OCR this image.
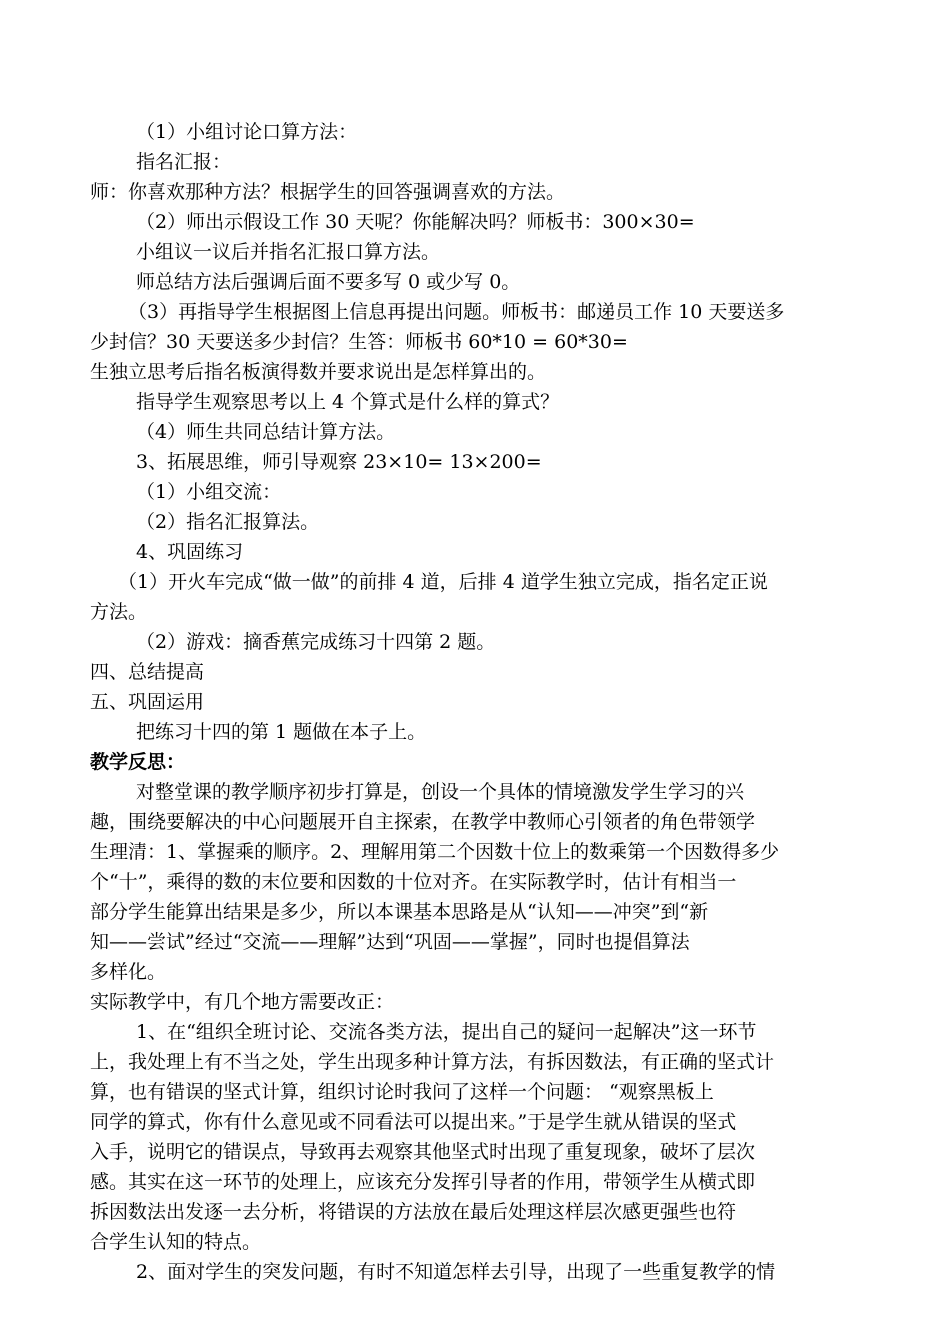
（1）小组讨论口算方法：
指名汇报：
师：你喜欢那种方法？根据学生的回答强调喜欢的方法。
（2）师出示假设工作 30 天呢？你能解决吗？师板书：300×30=
小组议一议后并指名汇报口算方法。
师总结方法后强调后面不要多写 0 或少写 0。
（3）再指导学生根据图上信息再提出问题。师板书：邮递员工作 10 天要送多
少封信？30 天要送多少封信？生答：师板书 60*10 = 60*30=
生独立思考后指名板演得数并要求说出是怎样算出的。
指导学生观察思考以上 4 个算式是什么样的算式？
（4）师生共同总结计算方法。
3、拓展思维，师引导观察 23×10= 13×200=
（1）小组交流：
（2）指名汇报算法。
4、巩固练习
（1）开火车完成“做一做”的前排 4 道，后排 4 道学生独立完成，指名定正说
方法。
（2）游戏：摘香蕉完成练习十四第 2 题。
四、总结提高
五、巩固运用
把练习十四的第 1 题做在本子上。
教学反思：
对整堂课的教学顺序初步打算是，创设一个具体的情境激发学生学习的兴
趣，围绕要解决的中心问题展开自主探索，在教学中教师心引领者的角色带领学
生理清：1、掌握乘的顺序。2、理解用第二个因数十位上的数乘第一个因数得多少
个“十”，乘得的数的末位要和因数的十位对齐。在实际教学时，估计有相当一
部分学生能算出结果是多少，所以本课基本思路是从“认知——冲突”到“新
知——尝试”经过“交流——理解”达到“巩固——掌握”，同时也提倡算法
多样化。
实际教学中，有几个地方需要改正：
1、在“组织全班讨论、交流各类方法，提出自己的疑问一起解决”这一环节
上，我处理上有不当之处，学生出现多种计算方法，有拆因数法，有正确的坚式计
算，也有错误的坚式计算，组织讨论时我问了这样一个问题： “观察黑板上
同学的算式，你有什么意见或不同看法可以提出来。”于是学生就从错误的坚式
入手，说明它的错误点，导致再去观察其他坚式时出现了重复现象，破坏了层次
感。其实在这一环节的处理上，应该充分发挥引导者的作用，带领学生从横式即
拆因数法出发逐一去分析，将错误的方法放在最后处理这样层次感更强些也符
合学生认知的特点。
2、面对学生的突发问题，有时不知道怎样去引导，出现了一些重复教学的情
